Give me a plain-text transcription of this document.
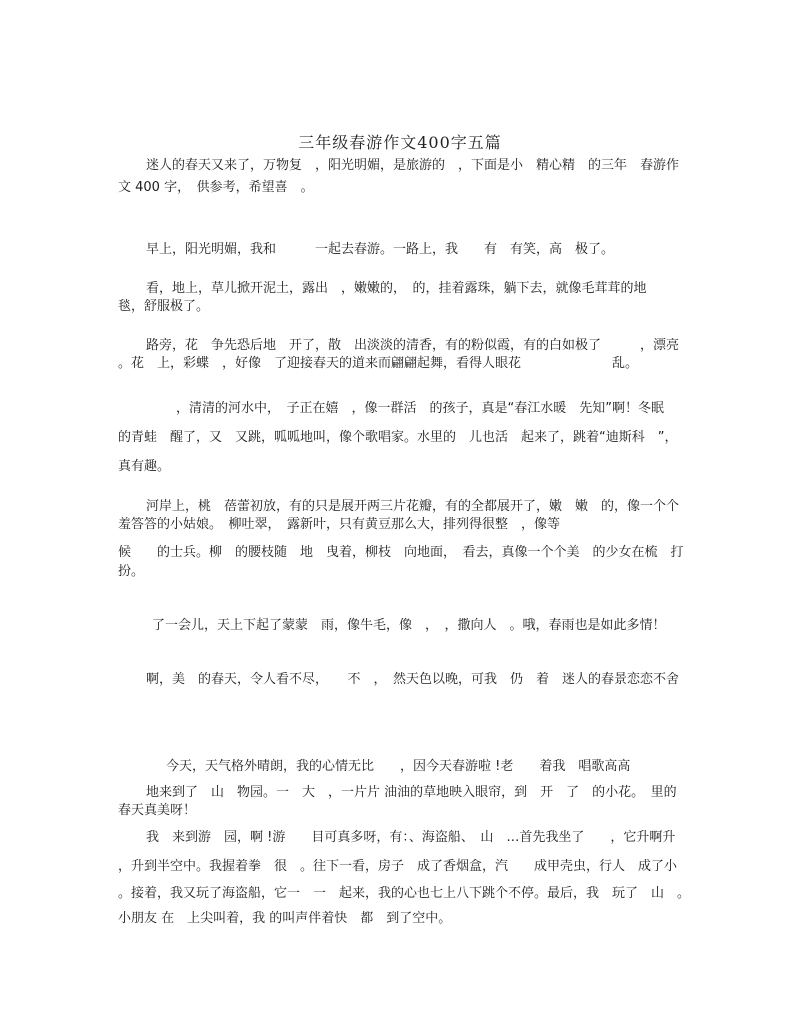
三年级春游作文400字五篇
迷人的春天又来了，万物复　，阳光明媚，是旅游的　，下面是小　精心精　的三年　春游作
文 400 字，　供参考，希望喜　。
早上，阳光明媚，我和　　　一起去春游。一路上，我　　有　有笑，高　极了。
看，地上，草儿掀开泥土，露出　，嫩嫩的，　的，挂着露珠，躺下去，就像毛茸茸的地
毯，舒服极了。
路旁，花　争先恐后地　开了，散　出淡淡的清香，有的粉似霞，有的白如极了　　　，漂亮
。花　上，彩蝶　，好像　了迎接春天的道来而翩翩起舞，看得人眼花　　　　　　　乱。
，清清的河水中，　子正在嬉　，像一群活　的孩子，真是“春江水暖　先知”啊！冬眠
的青蛙　醒了，又　又跳，呱呱地叫，像个歌唱家。水里的　儿也活　起来了，跳着“迪斯科　”，
真有趣。
河岸上，桃　蓓蕾初放，有的只是展开两三片花瓣，有的全都展开了，嫩　嫩　的，像一个个
羞答答的小姑娘。　柳吐翠，　露新叶，只有黄豆那么大，排列得很整　，像等
候　　的士兵。柳　的腰枝随　地　曳着，柳枝　向地面，　看去，真像一个个美　的少女在梳　打
扮。
了一会儿，天上下起了蒙蒙　雨，像牛毛，像　，　，撒向人　。哦，春雨也是如此多情！
啊，美　的春天，令人看不尽，　　不　，　然天色以晚，可我　仍　着　迷人的春景恋恋不舍
今天，天气格外晴朗，我的心情无比　　，因今天春游啦 !老　　着我　唱歌高高
地来到了　山　物园。一　大　，一片片 油油的草地映入眼帘，到　开　了　的小花。　里的
春天真美呀！
我　来到游　园，啊 !游　　目可真多呀，有：、海盗船、　山　…首先我坐了　　，它升啊升
，升到半空中。我握着拳　很　。往下一看，房子　成了香烟盒，汽　　成甲壳虫，行人　成了小
。接着，我又玩了海盗船，它一　一　起来，我的心也七上八下跳个不停。最后，我　玩了　山　。
小朋友 在　上尖叫着，我 的叫声伴着快　都　到了空中。
